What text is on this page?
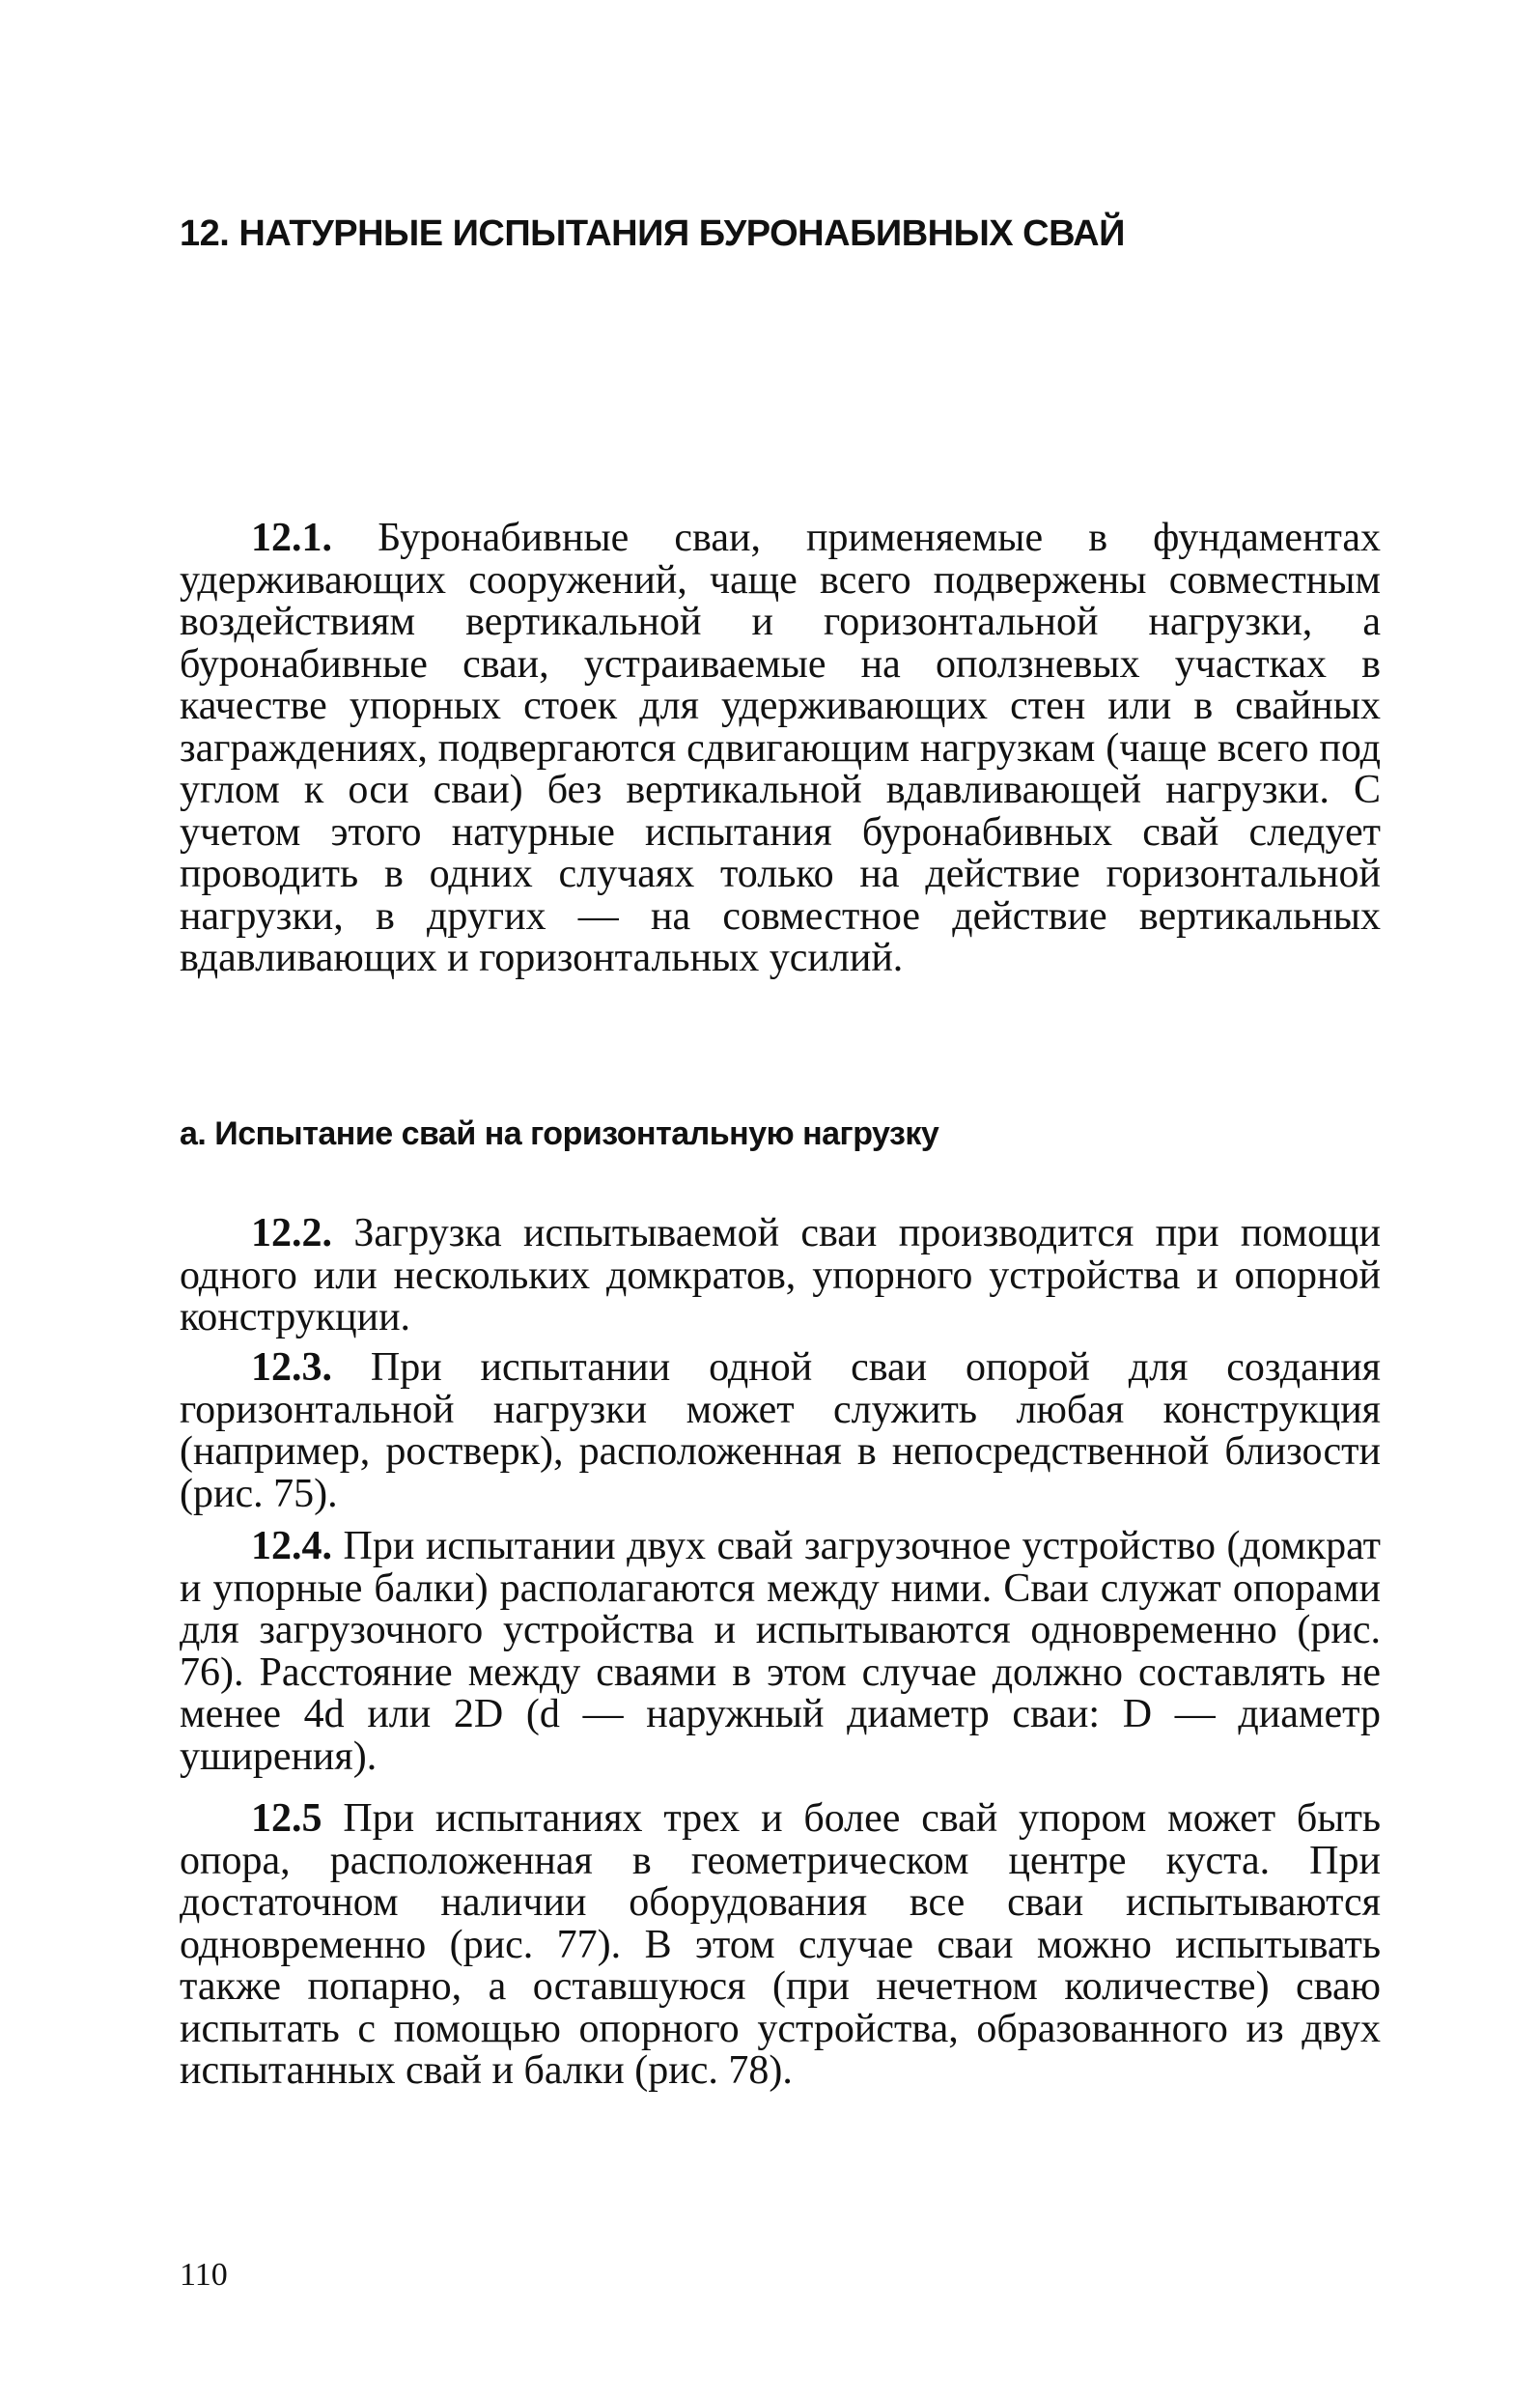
12. НАТУРНЫЕ ИСПЫТАНИЯ БУРОНАБИВНЫХ СВАЙ

12.1. Буронабивные сваи, применяемые в фундаментах удерживающих сооружений, чаще всего подвержены совместным воздействиям вертикальной и горизонтальной нагрузки, а буронабивные сваи, устраиваемые на оползневых участках в качестве упорных стоек для удерживающих стен или в свайных заграждениях, подвергаются сдвигающим нагрузкам (чаще всего под углом к оси сваи) без вертикальной вдавливающей нагрузки. С учетом этого натурные испытания буронабивных свай следует проводить в одних случаях только на действие горизонтальной нагрузки, в других — на совместное действие вертикальных вдавливающих и горизонтальных усилий.

а. Испытание свай на горизонтальную нагрузку

12.2. Загрузка испытываемой сваи производится при помощи одного или нескольких домкратов, упорного устройства и опорной конструкции.

12.3. При испытании одной сваи опорой для создания горизонтальной нагрузки может служить любая конструкция (например, ростверк), расположенная в непосредственной близости (рис. 75).

12.4. При испытании двух свай загрузочное устройство (домкрат и упорные балки) располагаются между ними. Сваи служат опорами для загрузочного устройства и испытываются одновременно (рис. 76). Расстояние между сваями в этом случае должно составлять не менее 4d или 2D (d — наружный диаметр сваи: D — диаметр уширения).

12.5 При испытаниях трех и более свай упором может быть опора, расположенная в геометрическом центре куста. При достаточном наличии оборудования все сваи испытываются одновременно (рис. 77). В этом случае сваи можно испытывать также попарно, а оставшуюся (при нечетном количестве) сваю испытать с помощью опорного устройства, образованного из двух испытанных свай и балки (рис. 78).

110
